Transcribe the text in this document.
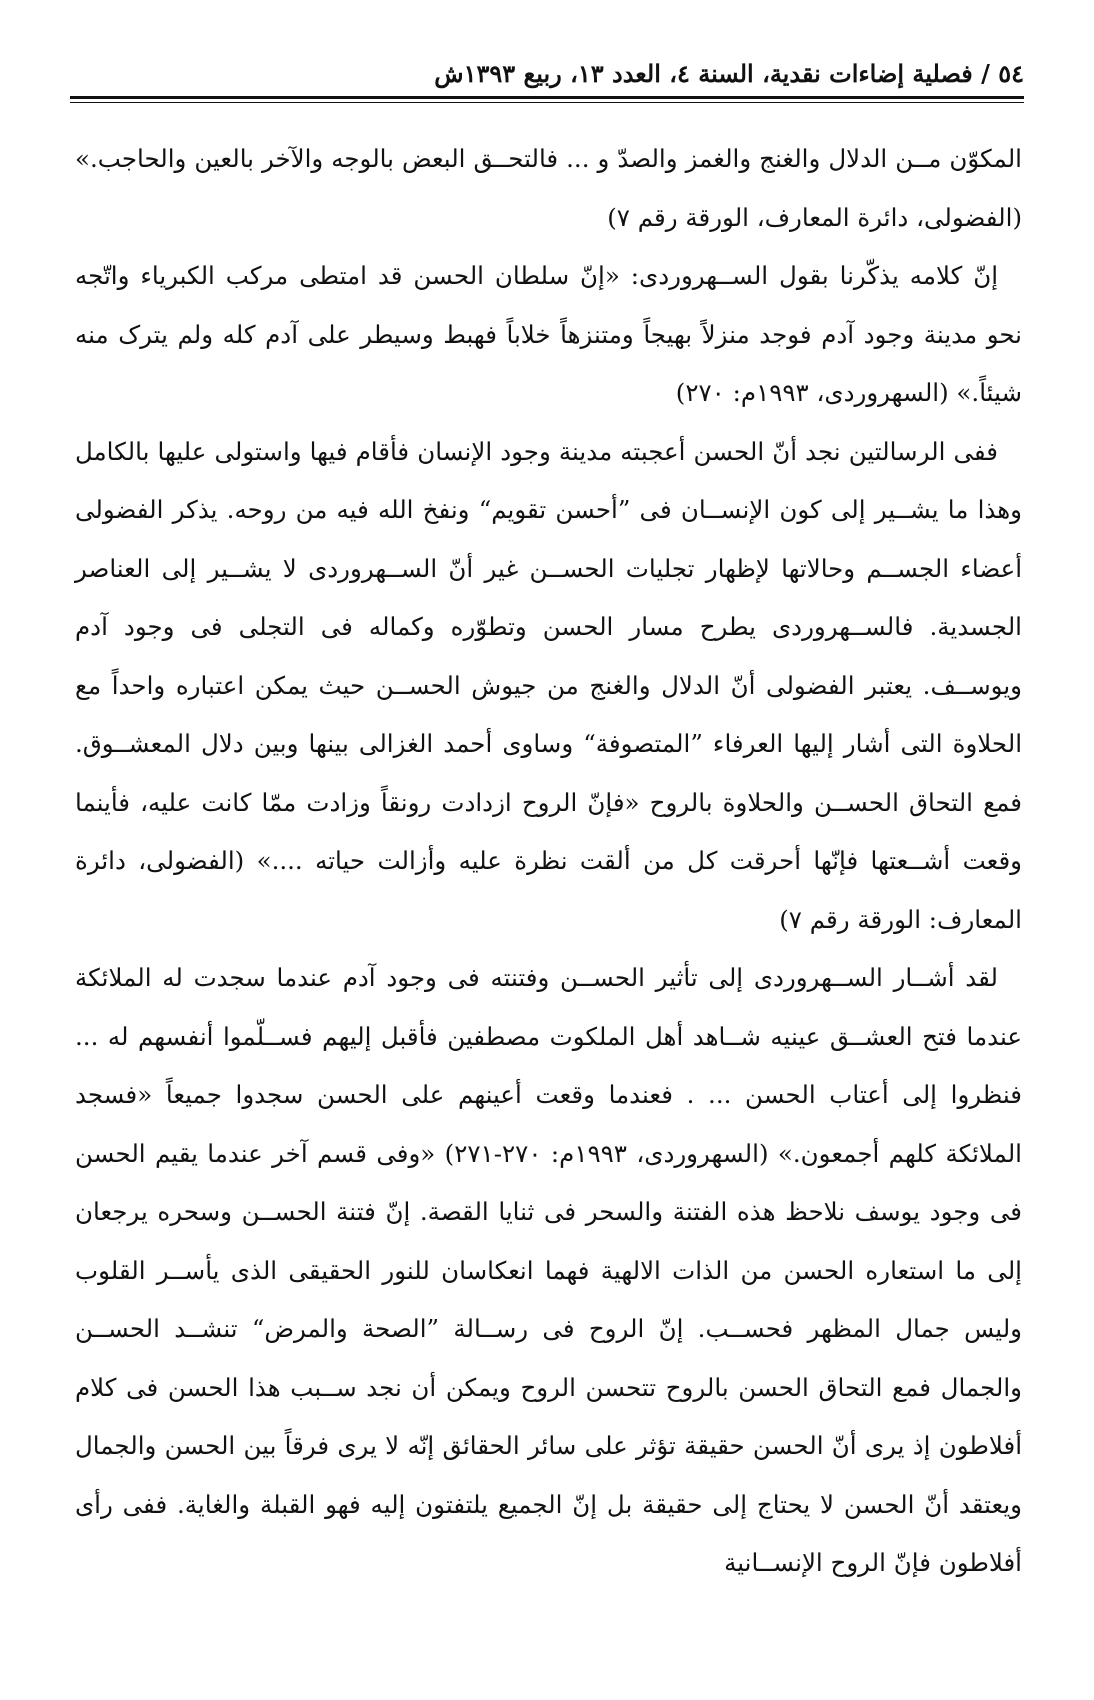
٥٤ / فصلية إضاءات نقدية، السنة ٤، العدد ١٣، ربيع ١٣٩٣ش

المكوّن مــن الدلال والغنج والغمز والصدّ و ... فالتحــق البعض بالوجه والآخر بالعين والحاجب.» (الفضولی، دائرة المعارف، الورقة رقم ٧)

إنّ كلامه يذكّرنا بقول الســهروردی: «إنّ سلطان الحسن قد امتطى مركب الكبرياء واتّجه نحو مدينة وجود آدم فوجد منزلاً بهيجاً ومتنزهاً خلاباً فهبط وسيطر على آدم كله ولم يترک منه شيئاً.» (السهروردی، ١٩٩٣م: ٢٧٠)

ففی الرسالتين نجد أنّ الحسن أعجبته مدينة وجود الإنسان فأقام فيها واستولى عليها بالكامل وهذا ما يشــير إلی كون الإنســان فی ”أحسن تقويم“ ونفخ الله فيه من روحه. يذكر الفضولی أعضاء الجســم وحالاتها لإظهار تجليات الحســن غير أنّ الســهروردی لا يشــير إلی العناصر الجسدية. فالســهروردی يطرح مسار الحسن وتطوّره وكماله فی التجلی فی وجود آدم ويوســف. يعتبر الفضولی أنّ الدلال والغنج من جيوش الحســن حيث يمكن اعتباره واحداً مع الحلاوة التی أشار إليها العرفاء ”المتصوفة“ وساوى أحمد الغزالی بينها وبين دلال المعشــوق. فمع التحاق الحســن والحلاوة بالروح «فإنّ الروح ازدادت رونقاً وزادت ممّا كانت عليه، فأينما وقعت أشــعتها فإنّها أحرقت كل من ألقت نظرة عليه وأزالت حياته ....» (الفضولی، دائرة المعارف: الورقة رقم ٧)

لقد أشــار الســهروردی إلی تأثير الحســن وفتنته فی وجود آدم عندما سجدت له الملائكة عندما فتح العشــق عينيه شــاهد أهل الملكوت مصطفين فأقبل إليهم فســلّموا أنفسهم له ... فنظروا إلی أعتاب الحسن ... . فعندما وقعت أعينهم على الحسن سجدوا جميعاً «فسجد الملائكة كلهم أجمعون.» (السهروردی، ١٩٩٣م: ٢٧٠-٢٧١) «وفی قسم آخر عندما يقيم الحسن فی وجود يوسف نلاحظ هذه الفتنة والسحر فی ثنايا القصة. إنّ فتنة الحســن وسحره يرجعان إلی ما استعاره الحسن من الذات الالهية فهما انعكاسان للنور الحقيقی الذی يأســر القلوب وليس جمال المظهر فحســب. إنّ الروح فی رســالة ”الصحة والمرض“ تنشــد الحســن والجمال فمع التحاق الحسن بالروح تتحسن الروح ويمكن أن نجد ســبب هذا الحسن فی كلام أفلاطون إذ يرى أنّ الحسن حقيقة تؤثر على سائر الحقائق إنّه لا يرى فرقاً بين الحسن والجمال ويعتقد أنّ الحسن لا يحتاج إلی حقيقة بل إنّ الجميع يلتفتون إليه فهو القبلة والغاية. ففی رأی أفلاطون فإنّ الروح الإنســانية
